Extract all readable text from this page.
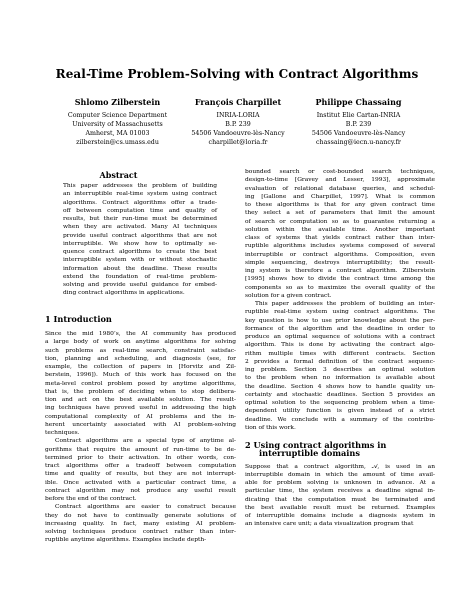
Real-Time Problem-Solving with Contract Algorithms
Shlomo Zilberstein
Computer Science Department
University of Massachusetts
Amherst, MA 01003
zilberstein@cs.umass.edu
François Charpillet
INRIA-LORIA
B.P. 239
54506 Vandoeuvre-lès-Nancy
charpillet@loria.fr
Philippe Chassaing
Institut Elie Cartan-INRIA
B.P. 239
54506 Vandoeuvre-lès-Nancy
chassaing@iecn.u-nancy.fr
Abstract
This paper addresses the problem of building
an interruptible real-time system using contract
algorithms. Contract algorithms offer a trade-
off between computation time and quality of
results, but their run-time must be determined
when they are activated. Many AI techniques
provide useful contract algorithms that are not
interruptible. We show how to optimally se-
quence contract algorithms to create the best
interruptible system with or without stochastic
information about the deadline. These results
extend the foundation of real-time problem-
solving and provide useful guidance for embed-
ding contract algorithms in applications.
1 Introduction
Since the mid 1980’s, the AI community has produced
a large body of work on anytime algorithms for solving
such problems as real-time search, constraint satisfac-
tion, planning and scheduling, and diagnosis (see, for
example, the collection of papers in [Horvitz and Zil-
berstein, 1996]). Much of this work has focused on the
meta-level control problem posed by anytime algorithms,
that is, the problem of deciding when to stop delibera-
tion and act on the best available solution. The result-
ing techniques have proved useful in addressing the high
computational complexity of AI problems and the in-
herent uncertainty associated with AI problem-solving
techniques.
Contract algorithms are a special type of anytime al-
gorithms that require the amount of run-time to be de-
termined prior to their activation. In other words, con-
tract algorithms offer a tradeoff between computation
time and quality of results, but they are not interrupt-
ible. Once activated with a particular contract time, a
contract algorithm may not produce any useful result
before the end of the contract.
Contract algorithms are easier to construct because
they do not have to continually generate solutions of
increasing quality. In fact, many existing AI problem-
solving techniques produce contract rather than inter-
ruptible anytime algorithms. Examples include depth-
bounded search or cost-bounded search techniques,
design-to-time [Gravey and Lesser, 1993], approximate
evaluation of relational database queries, and schedul-
ing [Gallone and Charpillet, 1997]. What is common
to these algorithms is that for any given contract time
they select a set of parameters that limit the amount
of search or computation so as to guarantee returning a
solution within the available time. Another important
class of systems that yields contract rather than inter-
ruptible algorithms includes systems composed of several
interruptible or contract algorithms. Composition, even
simple sequencing, destroys interruptibility; the result-
ing system is therefore a contract algorithm. Zilberstein
[1995] shows how to divide the contract time among the
components so as to maximize the overall quality of the
solution for a given contract.
This paper addresses the problem of building an inter-
ruptible real-time system using contract algorithms. The
key question is how to use prior knowledge about the per-
formance of the algorithm and the deadline in order to
produce an optimal sequence of solutions with a contract
algorithm. This is done by activating the contract algo-
rithm multiple times with different contracts. Section
2 provides a formal definition of the contract sequenc-
ing problem. Section 3 describes an optimal solution
to the problem when no information is available about
the deadline. Section 4 shows how to handle quality un-
certainty and stochastic deadlines. Section 5 provides an
optimal solution to the sequencing problem when a time-
dependent utility function is given instead of a strict
deadline. We conclude with a summary of the contribu-
tion of this work.
2 Using contract algorithms in
interruptible domains
Suppose that a contract algorithm, 𝒜, is used in an
interruptible domain in which the amount of time avail-
able for problem solving is unknown in advance. At a
particular time, the system receives a deadline signal in-
dicating that the computation must be terminated and
the best available result must be returned. Examples
of interruptible domains include a diagnosis system in
an intensive care unit; a data visualization program that
